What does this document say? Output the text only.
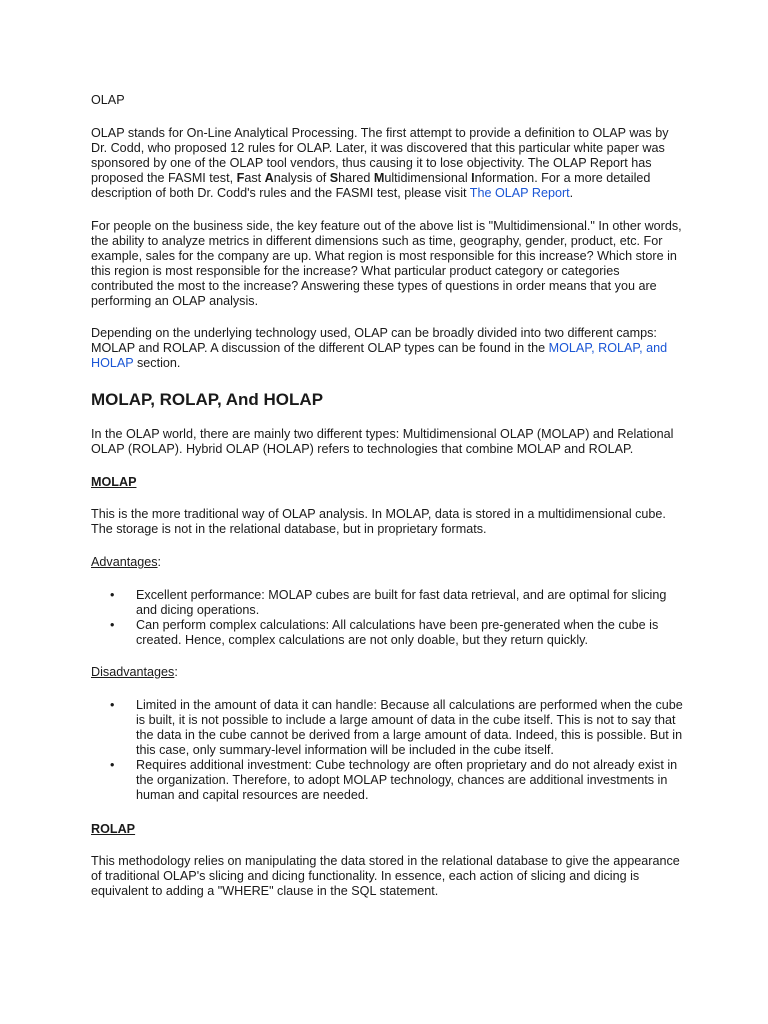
OLAP

OLAP stands for On-Line Analytical Processing. The first attempt to provide a definition to OLAP was by Dr. Codd, who proposed 12 rules for OLAP. Later, it was discovered that this particular white paper was sponsored by one of the OLAP tool vendors, thus causing it to lose objectivity. The OLAP Report has proposed the FASMI test, Fast Analysis of Shared Multidimensional Information. For a more detailed description of both Dr. Codd's rules and the FASMI test, please visit The OLAP Report.

For people on the business side, the key feature out of the above list is "Multidimensional." In other words, the ability to analyze metrics in different dimensions such as time, geography, gender, product, etc. For example, sales for the company are up. What region is most responsible for this increase? Which store in this region is most responsible for the increase? What particular product category or categories contributed the most to the increase? Answering these types of questions in order means that you are performing an OLAP analysis.

Depending on the underlying technology used, OLAP can be broadly divided into two different camps: MOLAP and ROLAP. A discussion of the different OLAP types can be found in the MOLAP, ROLAP, and HOLAP section.

MOLAP, ROLAP, And HOLAP

In the OLAP world, there are mainly two different types: Multidimensional OLAP (MOLAP) and Relational OLAP (ROLAP). Hybrid OLAP (HOLAP) refers to technologies that combine MOLAP and ROLAP.

MOLAP

This is the more traditional way of OLAP analysis. In MOLAP, data is stored in a multidimensional cube. The storage is not in the relational database, but in proprietary formats.

Advantages:

• Excellent performance: MOLAP cubes are built for fast data retrieval, and are optimal for slicing and dicing operations.
• Can perform complex calculations: All calculations have been pre-generated when the cube is created. Hence, complex calculations are not only doable, but they return quickly.

Disadvantages:

• Limited in the amount of data it can handle: Because all calculations are performed when the cube is built, it is not possible to include a large amount of data in the cube itself. This is not to say that the data in the cube cannot be derived from a large amount of data. Indeed, this is possible. But in this case, only summary-level information will be included in the cube itself.
• Requires additional investment: Cube technology are often proprietary and do not already exist in the organization. Therefore, to adopt MOLAP technology, chances are additional investments in human and capital resources are needed.

ROLAP

This methodology relies on manipulating the data stored in the relational database to give the appearance of traditional OLAP's slicing and dicing functionality. In essence, each action of slicing and dicing is equivalent to adding a "WHERE" clause in the SQL statement.
